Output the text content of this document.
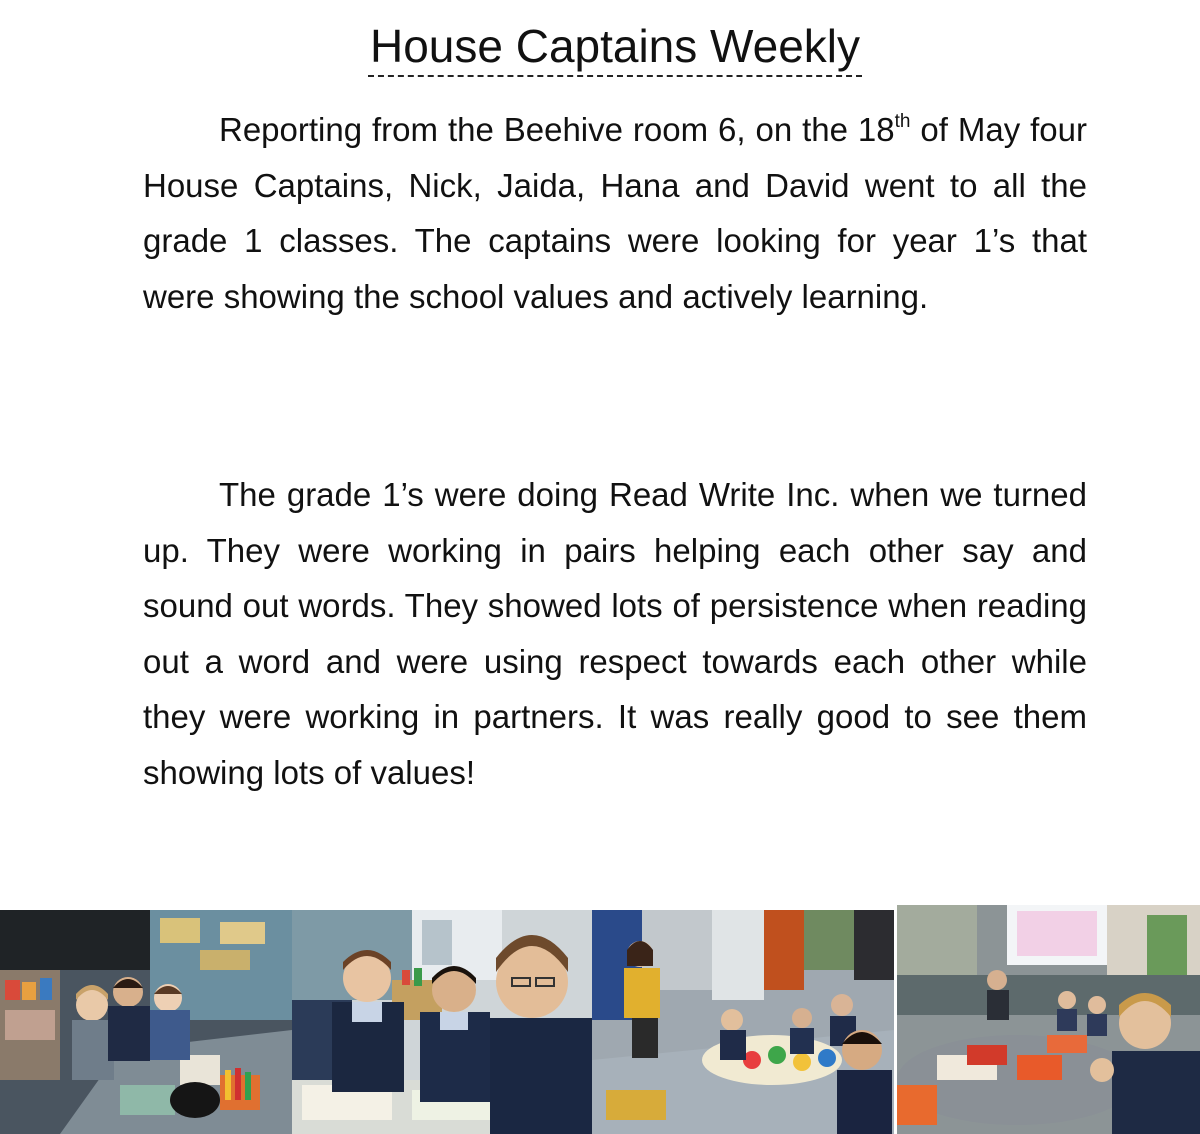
House Captains Weekly
Reporting from the Beehive room 6, on the 18th of May four House Captains, Nick, Jaida, Hana and David went to all the grade 1 classes. The captains were looking for year 1’s that were showing the school values and actively learning.
The grade 1’s were doing Read Write Inc. when we turned up. They were working in pairs helping each other say and sound out words. They showed lots of persistence when reading out a word and were using respect towards each other while they were working in partners. It was really good to see them showing lots of values!
